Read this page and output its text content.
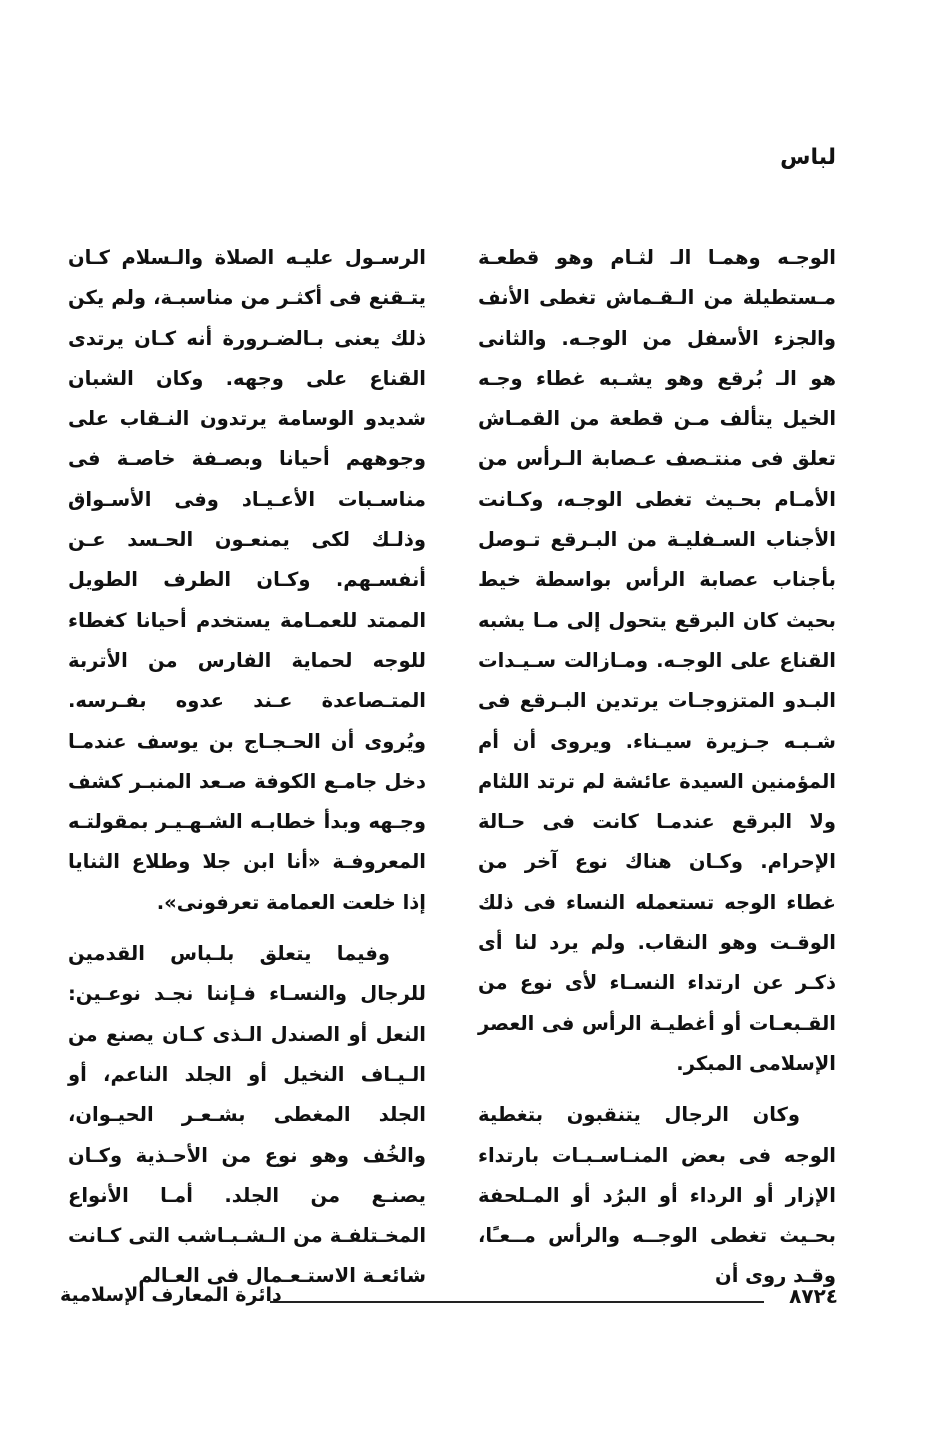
لباس

الوجـه وهمـا الـ لثـام وهو قطعـة مـستطيلة من الـقـماش تغطى الأنف والجزء الأسفل من الوجـه. والثانى هو الـ بُرقع وهو يشـبه غطاء وجـه الخيل يتألف مـن قطعة من القمـاش تعلق فى منتـصف عـصابة الـرأس من الأمـام بحـيث تغطى الوجـه، وكـانت الأجناب السـفليـة من البـرقع تـوصل بأجناب عصابة الرأس بواسطة خيط بحيث كان البرقع يتحول إلى مـا يشبه القناع على الوجـه. ومـازالت سـيـدات البـدو المتزوجـات يرتدين البـرقع فى شـبـه جـزيرة سيـناء. ويروى أن أم المؤمنين السيدة عائشة لم ترتد اللثام ولا البرقع عندمـا كانت فى حـالة الإحرام. وكـان هناك نوع آخر من غطاء الوجه تستعمله النساء فى ذلك الوقـت وهو النقاب. ولم يرد لنا أى ذكـر عن ارتداء النسـاء لأى نوع من القـبعـات أو أغطيـة الرأس فى العصر الإسلامى المبكر.

وكان الرجال يتنقبون بتغطية الوجه فى بعض المنـاسـبـات بارتداء الإزار أو الرداء أو البرُد أو المـلحفة بحـيث تغطى الوجــه والرأس مــعـًا، وقـد روى أن

الرسـول عليـه الصلاة والـسلام كـان يتـقنع فى أكثـر من مناسبـة، ولم يكن ذلك يعنى بـالضـرورة أنه كـان يرتدى القناع على وجهه. وكان الشبان شديدو الوسامة يرتدون النـقاب على وجوههم أحيانا وبصـفة خاصـة فى مناسـبات الأعـيـاد وفى الأسـواق وذلـك لكى يمنعـون الحـسد عـن أنفسـهم. وكـان الطرف الطويل الممتد للعمـامة يستخدم أحيانا كغطاء للوجه لحماية الفارس من الأتربة المتـصاعدة عـند عدوه بفـرسه. ويُروى أن الحـجـاج بن يوسف عندمـا دخل جامـع الكوفة صـعد المنبـر كشف وجـهه وبدأ خطابـه الشـهـيـر بمقولتـه المعروفـة «أنا ابن جلا وطلاع الثنايا إذا خلعت العمامة تعرفونى».

وفيما يتعلق بلـباس القدمين للرجال والنسـاء فـإننا نجـد نوعـين: النعل أو الصندل الـذى كـان يصنع من الـيـاف النخيل أو الجلد الناعم، أو الجلد المغطى بشـعـر الحيـوان، والخُف وهو نوع من الأحـذية وكـان يصنـع من الجلد. أمـا الأنواع المخـتلفـة من الـشـبـاشب التى كـانت شائعـة الاستـعـمال فى العـالم

٨٧٢٤
دائرة المعارف الإسلامية
